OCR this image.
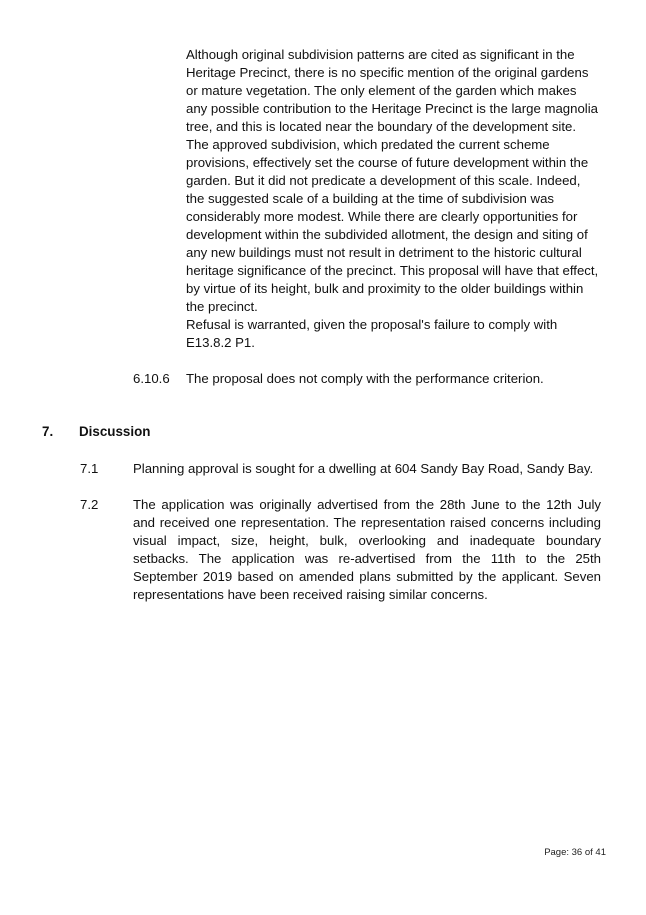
Although original subdivision patterns are cited as significant in the Heritage Precinct, there is no specific mention of the original gardens or mature vegetation. The only element of the garden which makes any possible contribution to the Heritage Precinct is the large magnolia tree, and this is located near the boundary of the development site. The approved subdivision, which predated the current scheme provisions, effectively set the course of future development within the garden. But it did not predicate a development of this scale. Indeed, the suggested scale of a building at the time of subdivision was considerably more modest. While there are clearly opportunities for development within the subdivided allotment, the design and siting of any new buildings must not result in detriment to the historic cultural heritage significance of the precinct. This proposal will have that effect, by virtue of its height, bulk and proximity to the older buildings within the precinct.

Refusal is warranted, given the proposal's failure to comply with E13.8.2 P1.

6.10.6 The proposal does not comply with the performance criterion.
7. Discussion
7.1	Planning approval is sought for a dwelling at 604 Sandy Bay Road, Sandy Bay.
7.2	The application was originally advertised from the 28th June to the 12th July and received one representation. The representation raised concerns including visual impact, size, height, bulk, overlooking and inadequate boundary setbacks. The application was re-advertised from the 11th to the 25th September 2019 based on amended plans submitted by the applicant. Seven representations have been received raising similar concerns.
Page: 36 of 41
